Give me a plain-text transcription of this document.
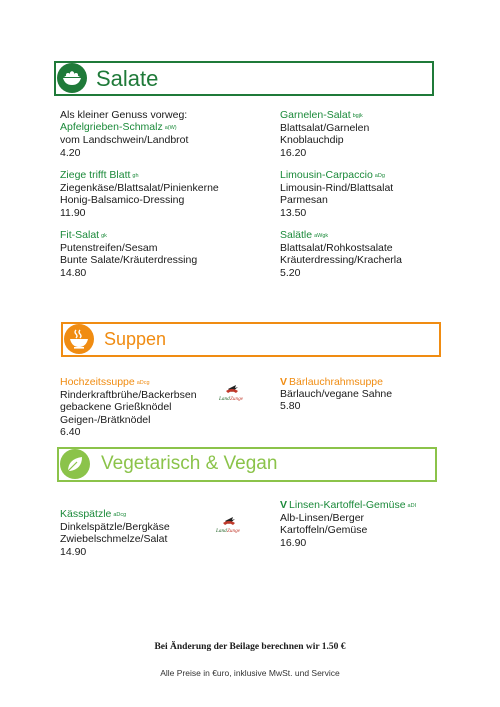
Salate
Als kleiner Genuss vorweg:
Apfelgrieben-Schmalz a(W)
vom Landschwein/Landbrot
4.20
Ziege trifft Blatt gh
Ziegenkäse/Blattsalat/Pinienkerne
Honig-Balsamico-Dressing
11.90
Fit-Salat gk
Putenstreifen/Sesam
Bunte Salate/Kräuterdressing
14.80
Garnelen-Salat bgjk
Blattsalat/Garnelen
Knoblauchdip
16.20
Limousin-Carpaccio aDg
Limousin-Rind/Blattsalat
Parmesan
13.50
Salätle aWgk
Blattsalat/Rohkostsalate
Kräuterdressing/Kracherla
5.20
Suppen
Hochzeitssuppe aDcg
Rinderkraftbrühe/Backerbsen
gebackene Grießknödel
Geigen-/Brätknödel
6.40
Land Zunge
V Bärlauchrahmsuppe
Bärlauch/vegane Sahne
5.80
Vegetarisch & Vegan
Kässpätzle aDcg
Dinkelspätzle/Bergkäse
Zwiebelschmelze/Salat
14.90
Land Zunge
V Linsen-Kartoffel-Gemüse aDI
Alb-Linsen/Berger
Kartoffeln/Gemüse
16.90
Bei Änderung der Beilage berechnen wir 1.50 €
Alle Preise in €uro, inklusive MwSt. und Service
